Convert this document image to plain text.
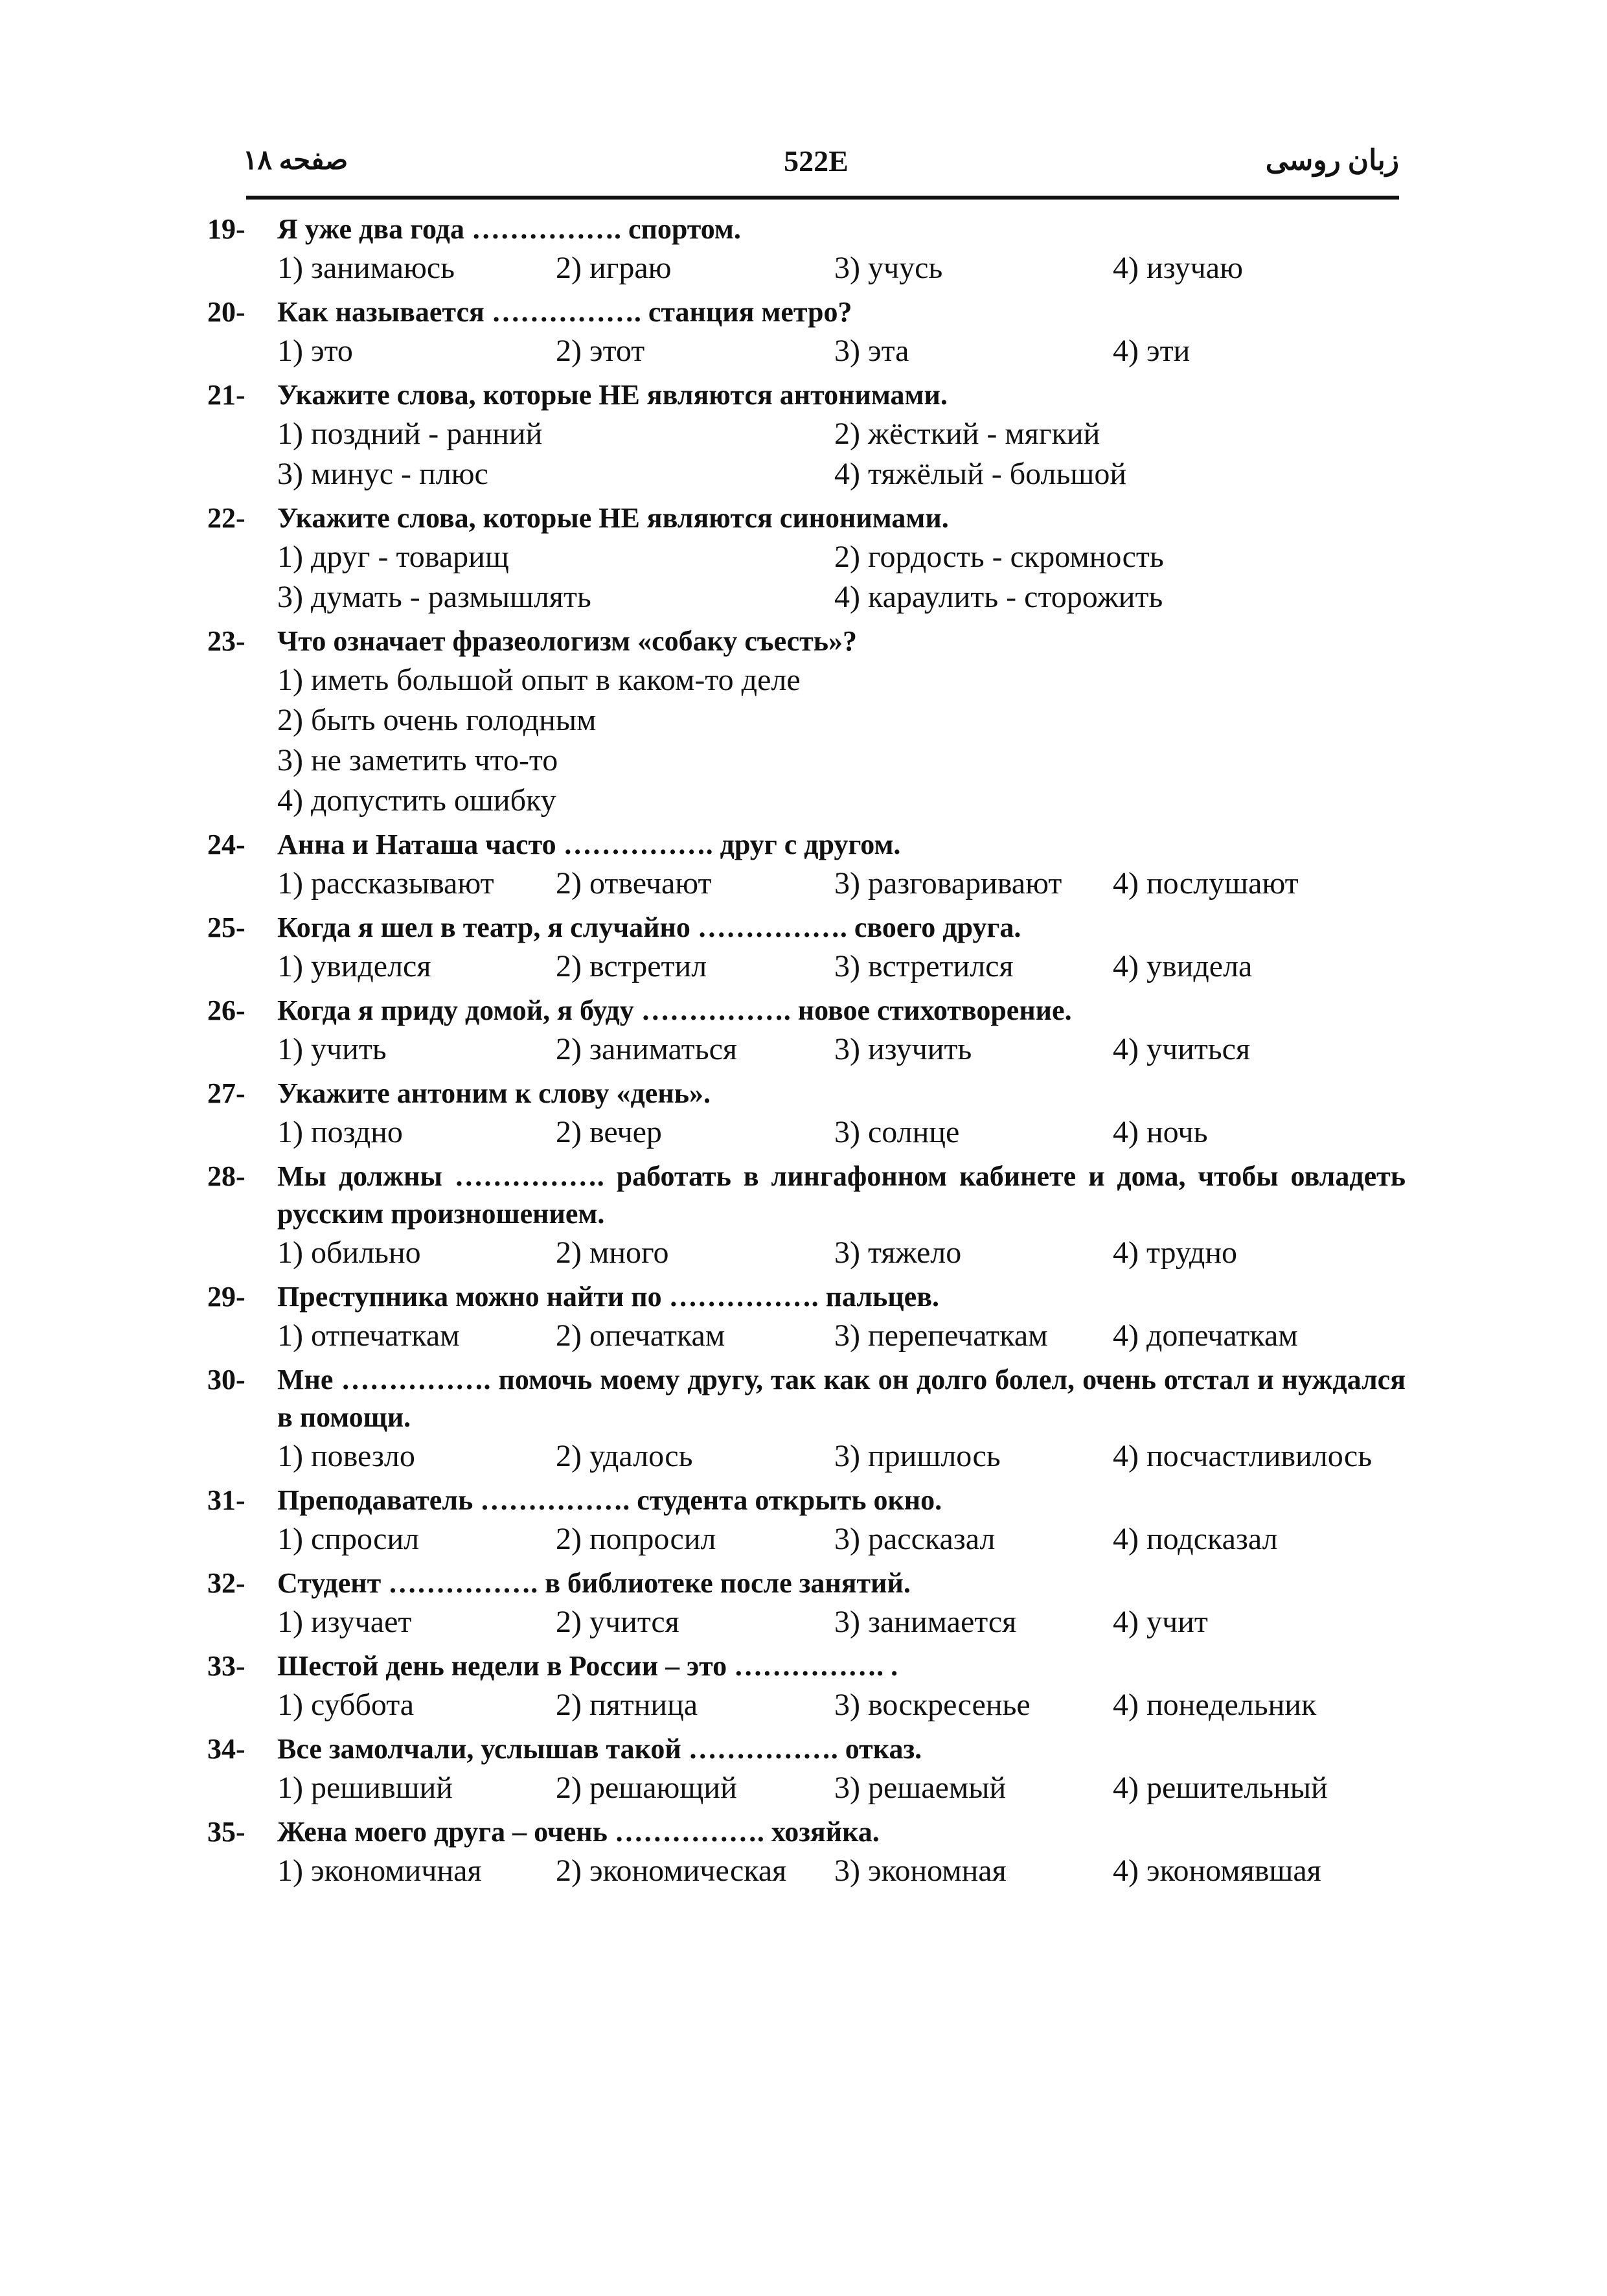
زبان روسی
522E
صفحه ۱۸
19-	Я уже два года ……………. спортом.
1) занимаюсь	2) играю	3) учусь	4) изучаю
20-	Как называется ……………. станция метро?
1) это	2) этот	3) эта	4) эти
21-	Укажите слова, которые НЕ являются антонимами.
1) поздний - ранний	2) жёсткий - мягкий
3) минус - плюс	4) тяжёлый - большой
22-	Укажите слова, которые НЕ являются синонимами.
1) друг - товарищ	2) гордость - скромность
3) думать - размышлять	4) караулить - сторожить
23-	Что означает фразеологизм «собаку съесть»?
1) иметь большой опыт в каком-то деле
2) быть очень голодным
3) не заметить что-то
4) допустить ошибку
24-	Анна и Наташа часто ……………. друг с другом.
1) рассказывают	2) отвечают	3) разговаривают	4) послушают
25-	Когда я шел в театр, я случайно ……………. своего друга.
1) увиделся	2) встретил	3) встретился	4) увидела
26-	Когда я приду домой, я буду ……………. новое стихотворение.
1) учить	2) заниматься	3) изучить	4) учиться
27-	Укажите антоним к слову «день».
1) поздно	2) вечер	3) солнце	4) ночь
28-	Мы должны ……………. работать в лингафонном кабинете и дома, чтобы овладеть русским произношением.
1) обильно	2) много	3) тяжело	4) трудно
29-	Преступника можно найти по ……………. пальцев.
1) отпечаткам	2) опечаткам	3) перепечаткам	4) допечаткам
30-	Мне ……………. помочь моему другу, так как он долго болел, очень отстал и нуждался в помощи.
1) повезло	2) удалось	3) пришлось	4) посчастливилось
31-	Преподаватель ……………. студента открыть окно.
1) спросил	2) попросил	3) рассказал	4) подсказал
32-	Студент ……………. в библиотеке после занятий.
1) изучает	2) учится	3) занимается	4) учит
33-	Шестой день недели в России – это ……………. .
1) суббота	2) пятница	3) воскресенье	4) понедельник
34-	Все замолчали, услышав такой ……………. отказ.
1) решивший	2) решающий	3) решаемый	4) решительный
35-	Жена моего друга – очень ……………. хозяйка.
1) экономичная	2) экономическая	3) экономная	4) экономявшая
